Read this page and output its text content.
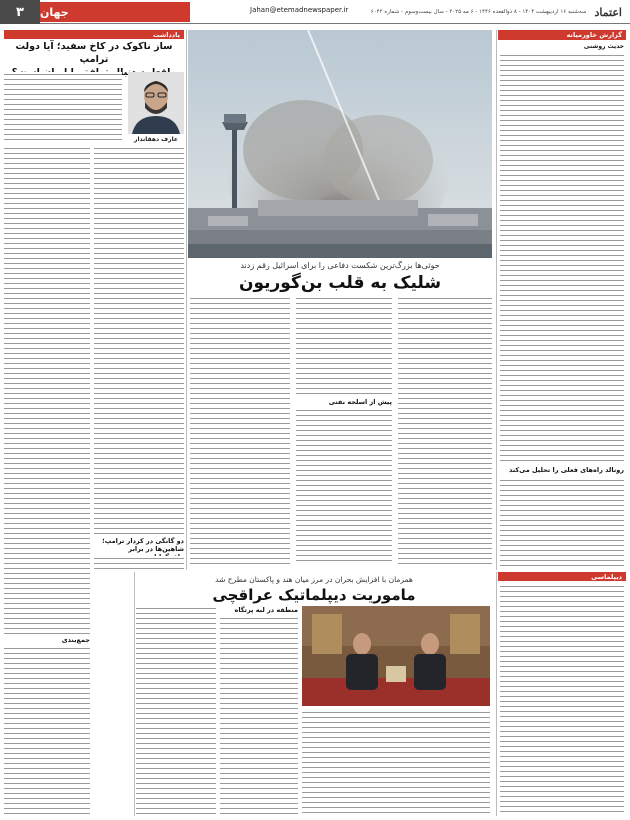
اعتماد
سه‌شنبه ۱۶ اردیبهشت ۱۴۰۴ - ۸ ذوالقعده ۱۴۴۶ - ۶ مه ۲۰۲۵ - سال بیست‌وسوم - شماره ۶۰۴۲
Jahan@etemadnewspaper.ir
جهان
۳
گزارش خاورمیانه
حدیث روشنی
رونالد راه‌های فعلی را تحلیل می‌کند
حوثی‌ها بزرگ‌ترین شکست دفاعی را برای اسرائیل رقم زدند
شلیک به قلب بن‌گوریون
پیش از اسلحه نفتی
یادداشت
ساز ناکوک در کاخ سفید؛ آیا دولت ترامپ
دنبال
عارف دهقاندار
دو گانگی در کردار ترامپ؛ شاهین‌ها در برابر
جمع‌بندی
دیپلماسی
همزمان با افزایش بحران در مرز میان هند و پاکستان مطرح شد
ماموریت دیپلماتیک عراقچی
منطقه در لبه پرتگاه
